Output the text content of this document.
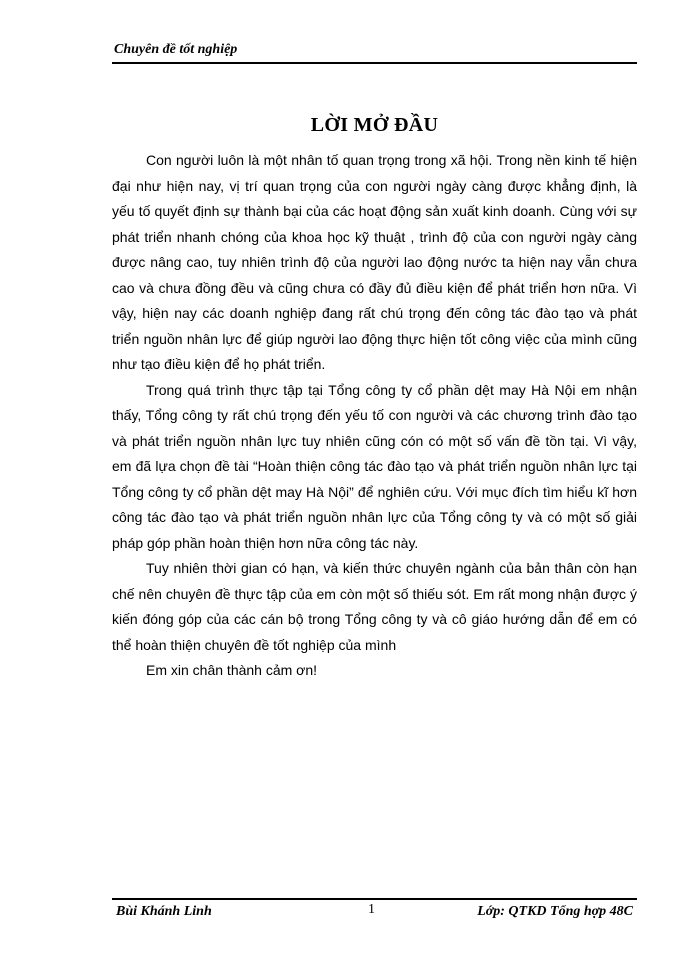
Chuyên đề tốt nghiệp
LỜI MỞ ĐẦU

Con người luôn là một nhân tố quan trọng trong xã hội. Trong nền kinh tế hiện đại như hiện nay, vị trí quan trọng của con người ngày càng được khẳng định, là yếu tố quyết định sự thành bại của các hoạt động sản xuất kinh doanh. Cùng với sự phát triển nhanh chóng của khoa học kỹ thuật , trình độ của con người ngày càng được nâng cao, tuy nhiên trình độ của người lao động nước ta hiện nay vẫn chưa cao và chưa đồng đều và cũng chưa có đầy đủ điều kiện để phát triển hơn nữa. Vì vậy, hiện nay các doanh nghiệp đang rất chú trọng đến công tác đào tạo và phát triển nguồn nhân lực để giúp người lao động thực hiện tốt công việc của mình cũng như tạo điều kiện để họ phát triển.

Trong quá trình thực tập tại Tổng công ty cổ phần dệt may Hà Nội em nhận thấy, Tổng công ty rất chú trọng đến yếu tố con người và các chương trình đào tạo và phát triển nguồn nhân lực tuy nhiên cũng cón có một số vấn đề tồn tại. Vì vậy, em đã lựa chọn đề tài “Hoàn thiện công tác đào tạo và phát triển nguồn nhân lực tại Tổng công ty cổ phần dệt may Hà Nội” để nghiên cứu. Với mục đích tìm hiểu kĩ hơn công tác đào tạo và phát triển nguồn nhân lực của Tổng công ty và có một số giải pháp góp phần hoàn thiện hơn nữa công tác này.

Tuy nhiên thời gian có hạn, và kiến thức chuyên ngành của bản thân còn hạn chế nên chuyên đề thực tập của em còn một số thiếu sót. Em rất mong nhận được ý kiến đóng góp của các cán bộ trong Tổng công ty và cô giáo hướng dẫn để em có thể hoàn thiện chuyên đề tốt nghiệp của mình

Em xin chân thành cảm ơn!

Bùi Khánh Linh	1	Lớp: QTKD Tổng hợp 48C
